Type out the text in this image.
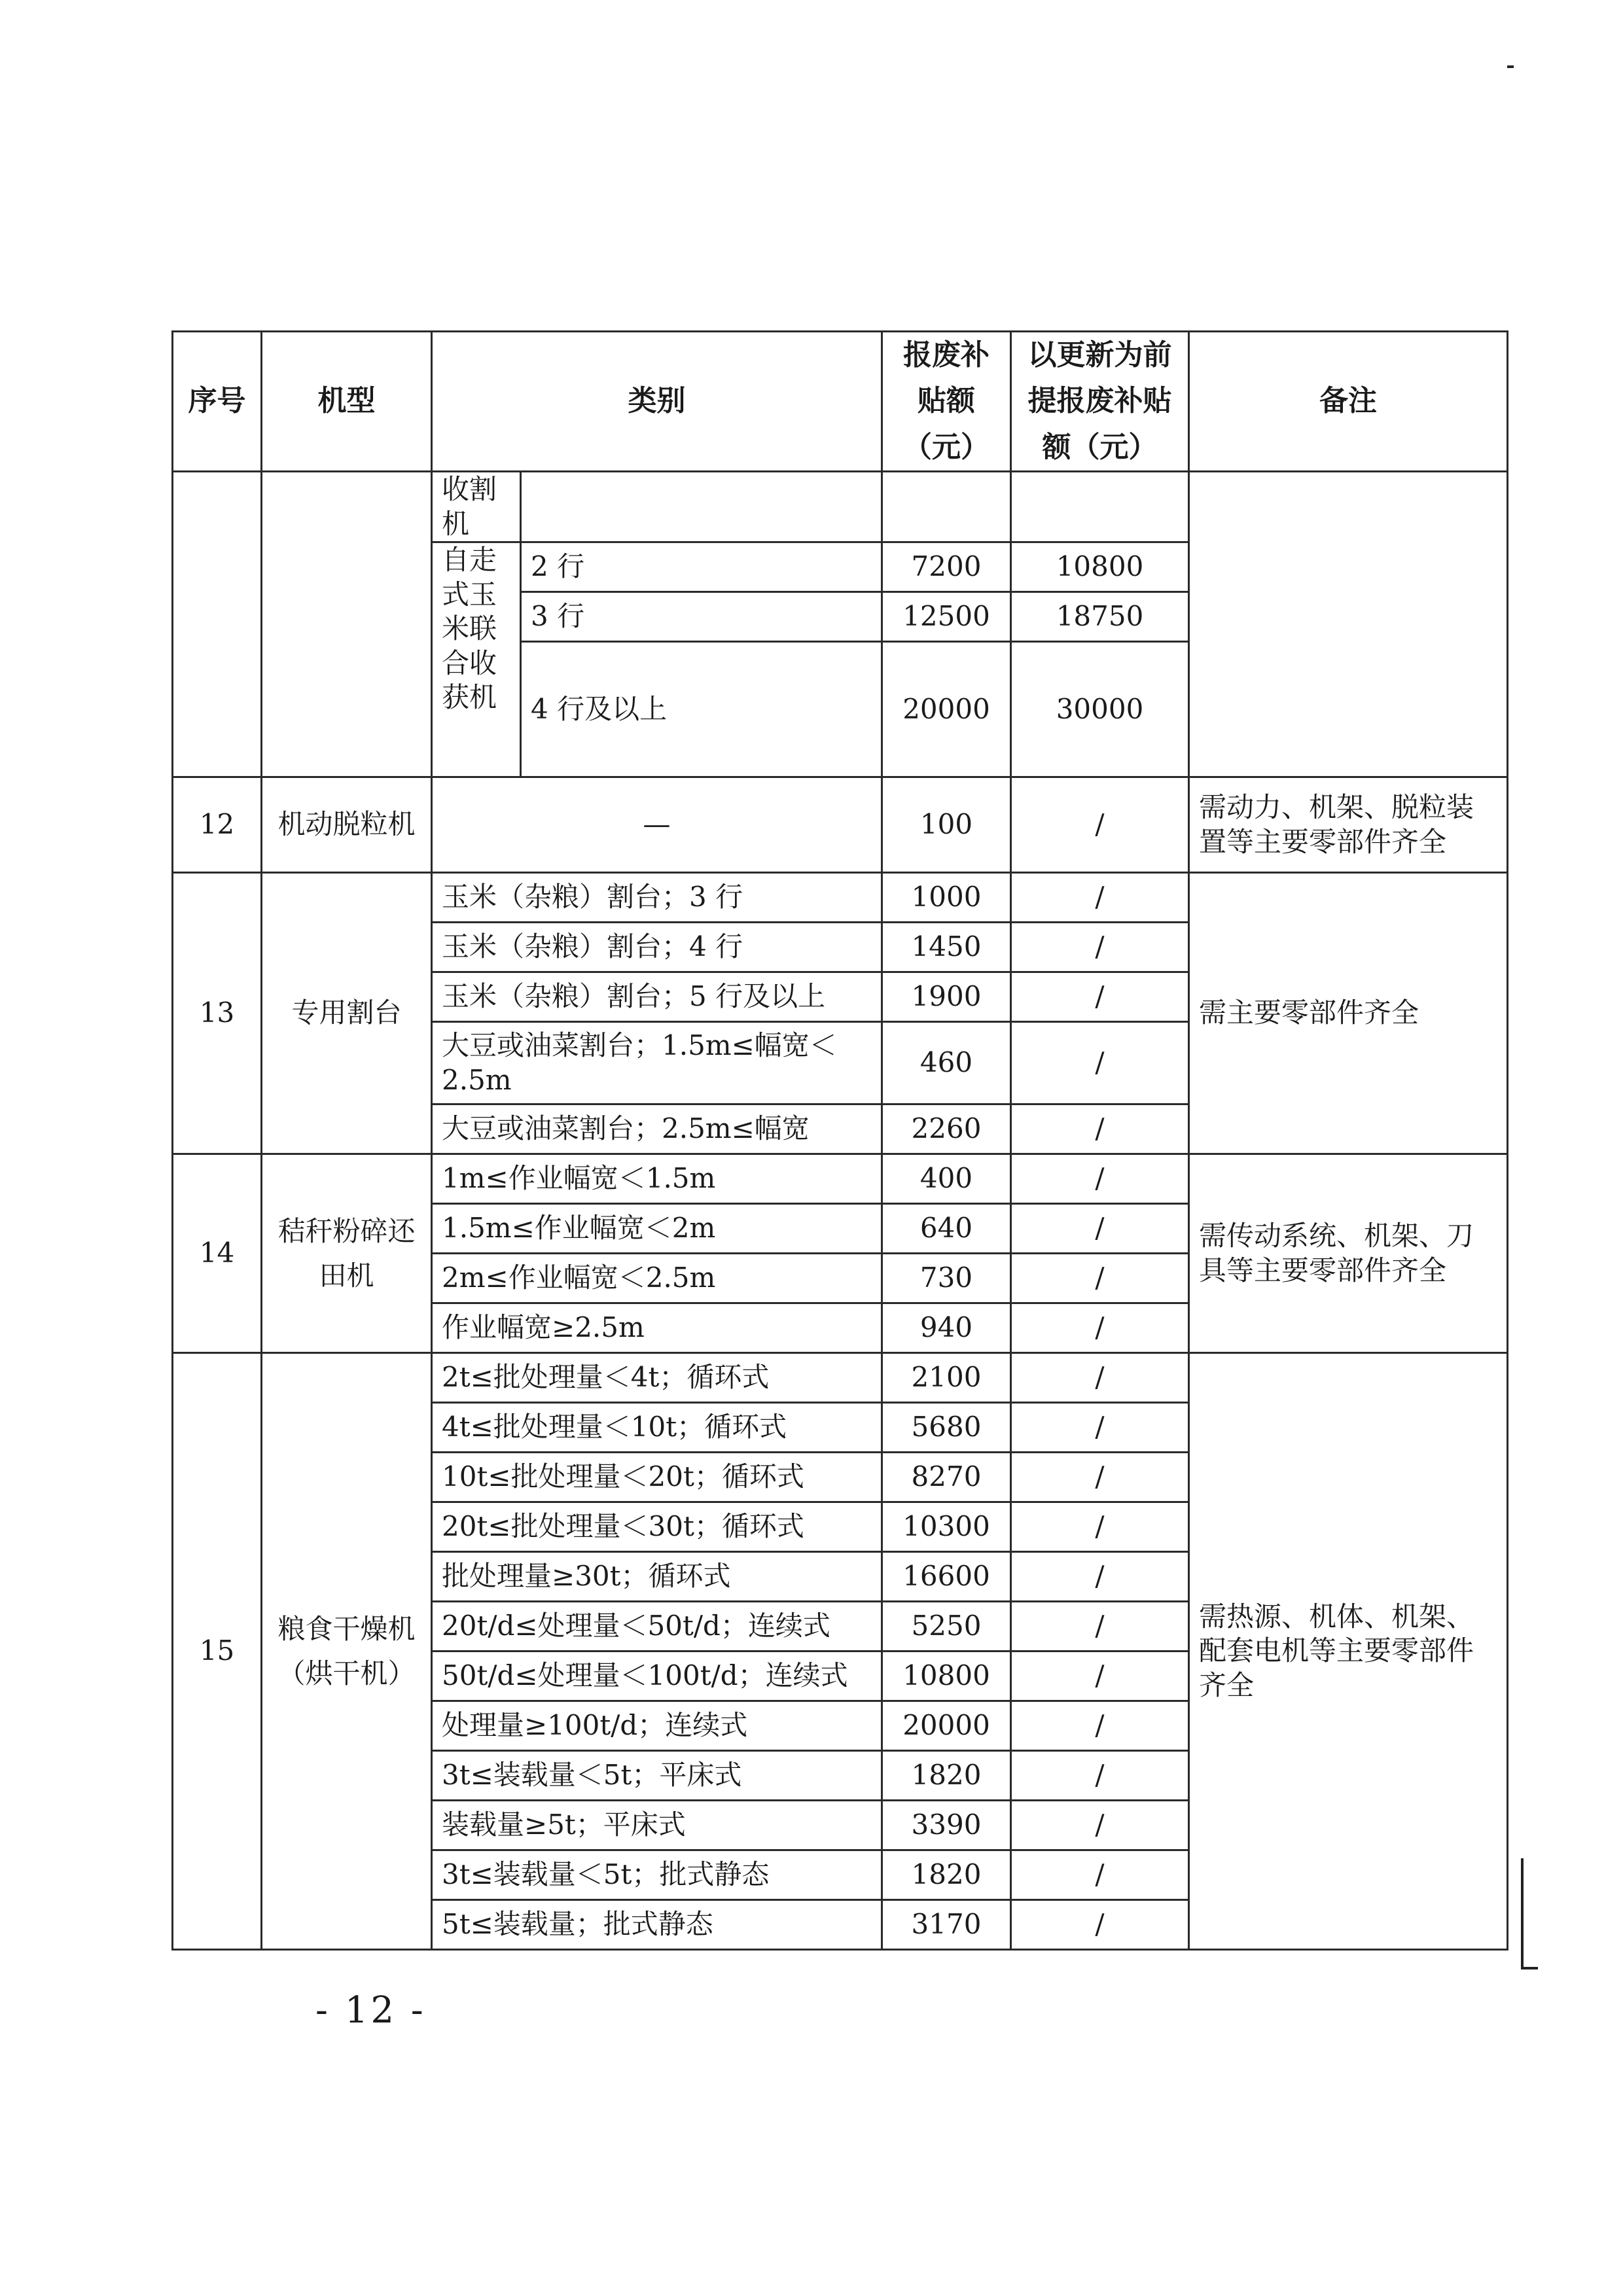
序号	机型	类别		报废补贴额（元）	以更新为前提报废补贴额（元）	备注
		收割机				
		自走式玉米联合收获机	2 行	7200	10800	
			3 行	12500	18750	
			4 行及以上	20000	30000	
12	机动脱粒机	—		100	/	需动力、机架、脱粒装置等主要零部件齐全
13	专用割台	玉米（杂粮）割台；3 行		1000	/	需主要零部件齐全
		玉米（杂粮）割台；4 行		1450	/	
		玉米（杂粮）割台；5 行及以上		1900	/	
		大豆或油菜割台；1.5m≤幅宽＜2.5m		460	/	
		大豆或油菜割台；2.5m≤幅宽		2260	/	
14	秸秆粉碎还田机	1m≤作业幅宽＜1.5m		400	/	需传动系统、机架、刀具等主要零部件齐全
		1.5m≤作业幅宽＜2m		640	/	
		2m≤作业幅宽＜2.5m		730	/	
		作业幅宽≥2.5m		940	/	
15	粮食干燥机（烘干机）	2t≤批处理量＜4t；循环式		2100	/	需热源、机体、机架、配套电机等主要零部件齐全
		4t≤批处理量＜10t；循环式		5680	/	
		10t≤批处理量＜20t；循环式		8270	/	
		20t≤批处理量＜30t；循环式		10300	/	
		批处理量≥30t；循环式		16600	/	
		20t/d≤处理量＜50t/d；连续式		5250	/	
		50t/d≤处理量＜100t/d；连续式		10800	/	
		处理量≥100t/d；连续式		20000	/	
		3t≤装载量＜5t；平床式		1820	/	
		装载量≥5t；平床式		3390	/	
		3t≤装载量＜5t；批式静态		1820	/	
		5t≤装载量；批式静态		3170	/	
- 12 -
